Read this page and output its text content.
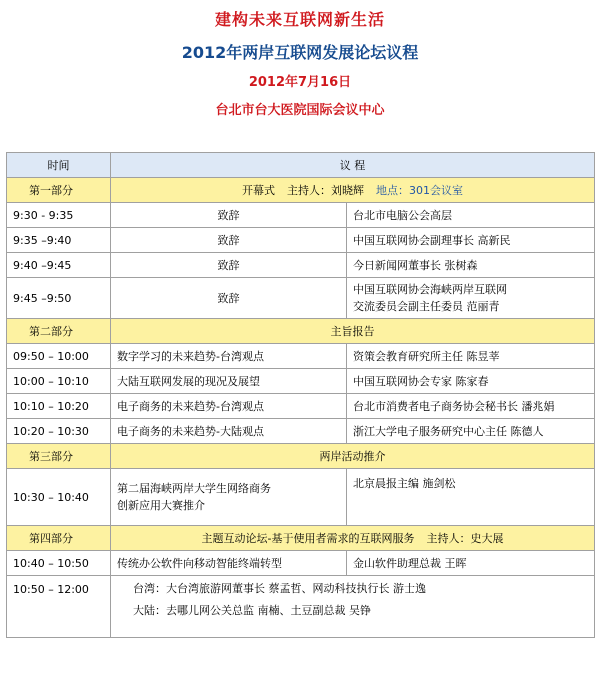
建构未来互联网新生活
2012年两岸互联网发展论坛议程
2012年7月16日
台北市台大医院国际会议中心
时间	议 程	
第一部分	开幕式 主持人：刘晓辉 地点：301会议室	
9:30 - 9:35	致辞	台北市电脑公会高层
9:35 –9:40	致辞	中国互联网协会副理事长 高新民
9:40 –9:45	致辞	今日新闻网董事长 张树森
9:45 –9:50	致辞	中国互联网协会海峡两岸互联网
交流委员会副主任委员 范丽青

第二部分	主旨报告	
09:50 – 10:00	数字学习的未来趋势-台湾观点	资策会教育研究所主任 陈昱莘
10:00 – 10:10	大陆互联网发展的现况及展望	中国互联网协会专家 陈家春
10:10 – 10:20	电子商务的未来趋势-台湾观点	台北市消费者电子商务协会秘书长 潘兆娟
10:20 – 10:30	电子商务的未来趋势-大陆观点	浙江大学电子服务研究中心主任 陈德人
第三部分	两岸活动推介	
10:30 – 10:40	第二届海峡两岸大学生网络商务
创新应用大赛推介	北京晨报主编 施剑松
第四部分	主题互动论坛-基于使用者需求的互联网服务 主持人：史大展	
10:40 – 10:50	传统办公软件向移动智能终端转型	金山软件助理总裁 王晖
10:50 – 12:00	台湾：大台湾旅游网董事长 蔡孟哲、网动科技执行长 游士逸
大陆：去哪儿网公关总监 南楠、土豆副总裁 吴铮	
